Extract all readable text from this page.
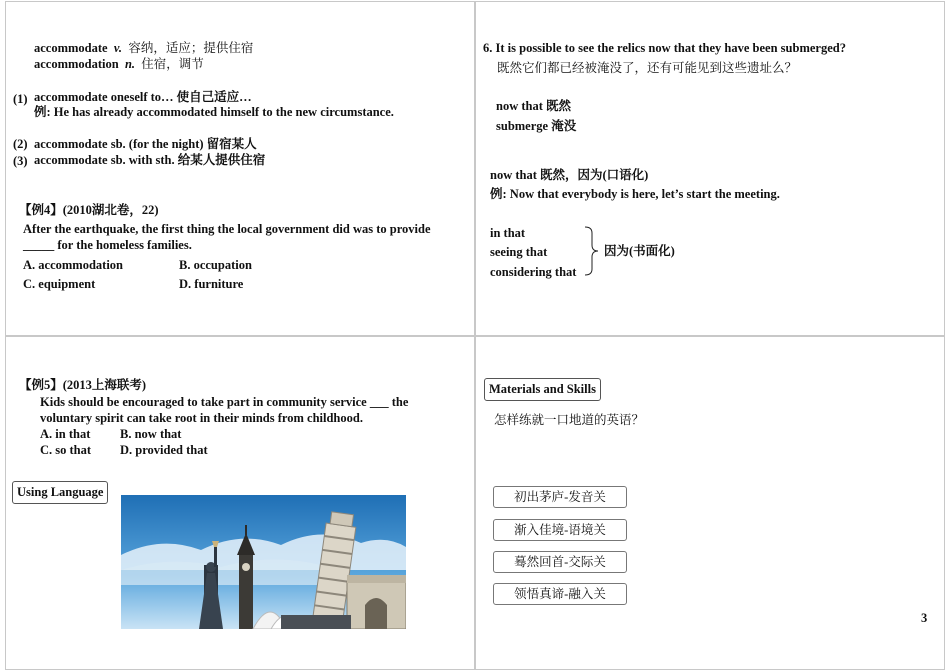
accommodate v. 容纳，适应；提供住宿
accommodation n. 住宿，调节
(1) accommodate oneself to… 使自己适应…
例: He has already accommodated himself to the new circumstance.
(2) accommodate sb. (for the night) 留宿某人
(3) accommodate sb. with sth. 给某人提供住宿
【例4】(2010湖北卷，22)
After the earthquake, the first thing the local government did was to provide
_____ for the homeless families.
A. accommodation	B. occupation
C. equipment	D. furniture
6. It is possible to see the relics now that they have been submerged?
既然它们都已经被淹没了，还有可能见到这些遗址么？
now that 既然
submerge 淹没
now that 既然，因为(口语化)
例: Now that everybody is here, let’s start the meeting.
in that
seeing that
considering that
因为(书面化)
【例5】(2013上海联考)
Kids should be encouraged to take part in community service ___ the
voluntary spirit can take root in their minds from childhood.
A. in that B. now that
C. so that D. provided that
Using Language
Materials and Skills
怎样练就一口地道的英语？
初出茅庐-发音关
渐入佳境-语境关
蓦然回首-交际关
领悟真谛-融入关
3
